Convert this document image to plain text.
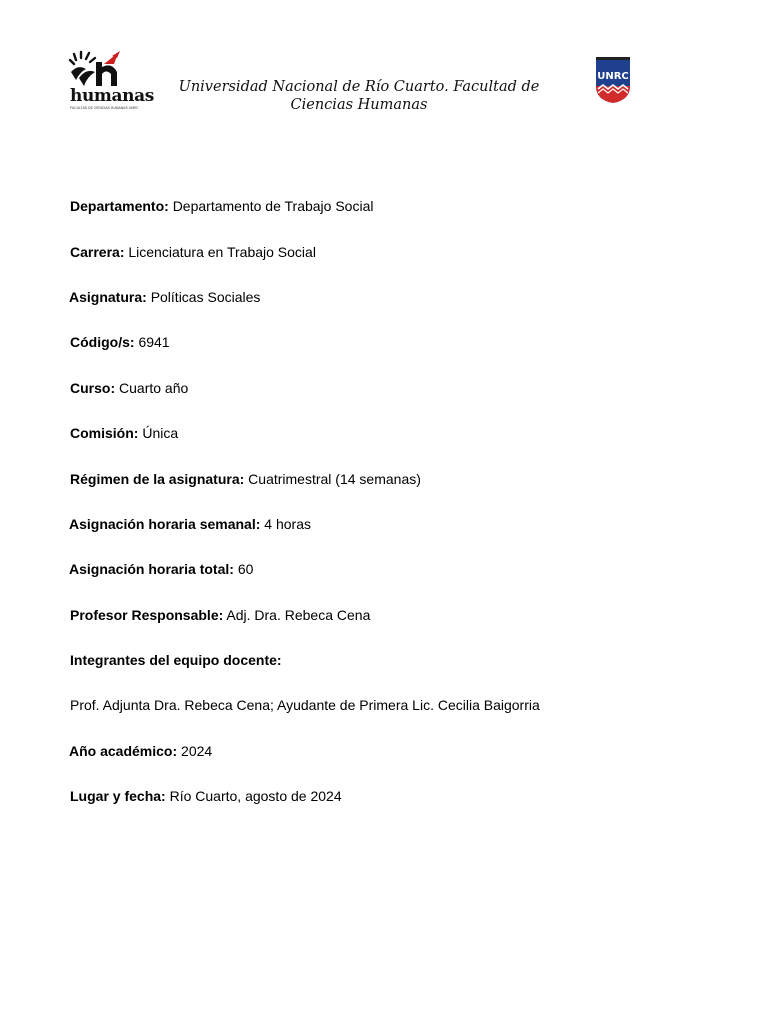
humanas
FACULTAD DE CIENCIAS HUMANAS UNRC
Universidad Nacional de Río Cuarto. Facultad de
Ciencias Humanas
UNRC
Departamento: Departamento de Trabajo Social
Carrera: Licenciatura en Trabajo Social
Asignatura: Políticas Sociales
Código/s: 6941
Curso: Cuarto año
Comisión: Única
Régimen de la asignatura: Cuatrimestral (14 semanas)
Asignación horaria semanal: 4 horas
Asignación horaria total: 60
Profesor Responsable: Adj. Dra. Rebeca Cena
Integrantes del equipo docente:
Prof. Adjunta Dra. Rebeca Cena; Ayudante de Primera Lic. Cecilia Baigorria
Año académico: 2024
Lugar y fecha: Río Cuarto, agosto de 2024
